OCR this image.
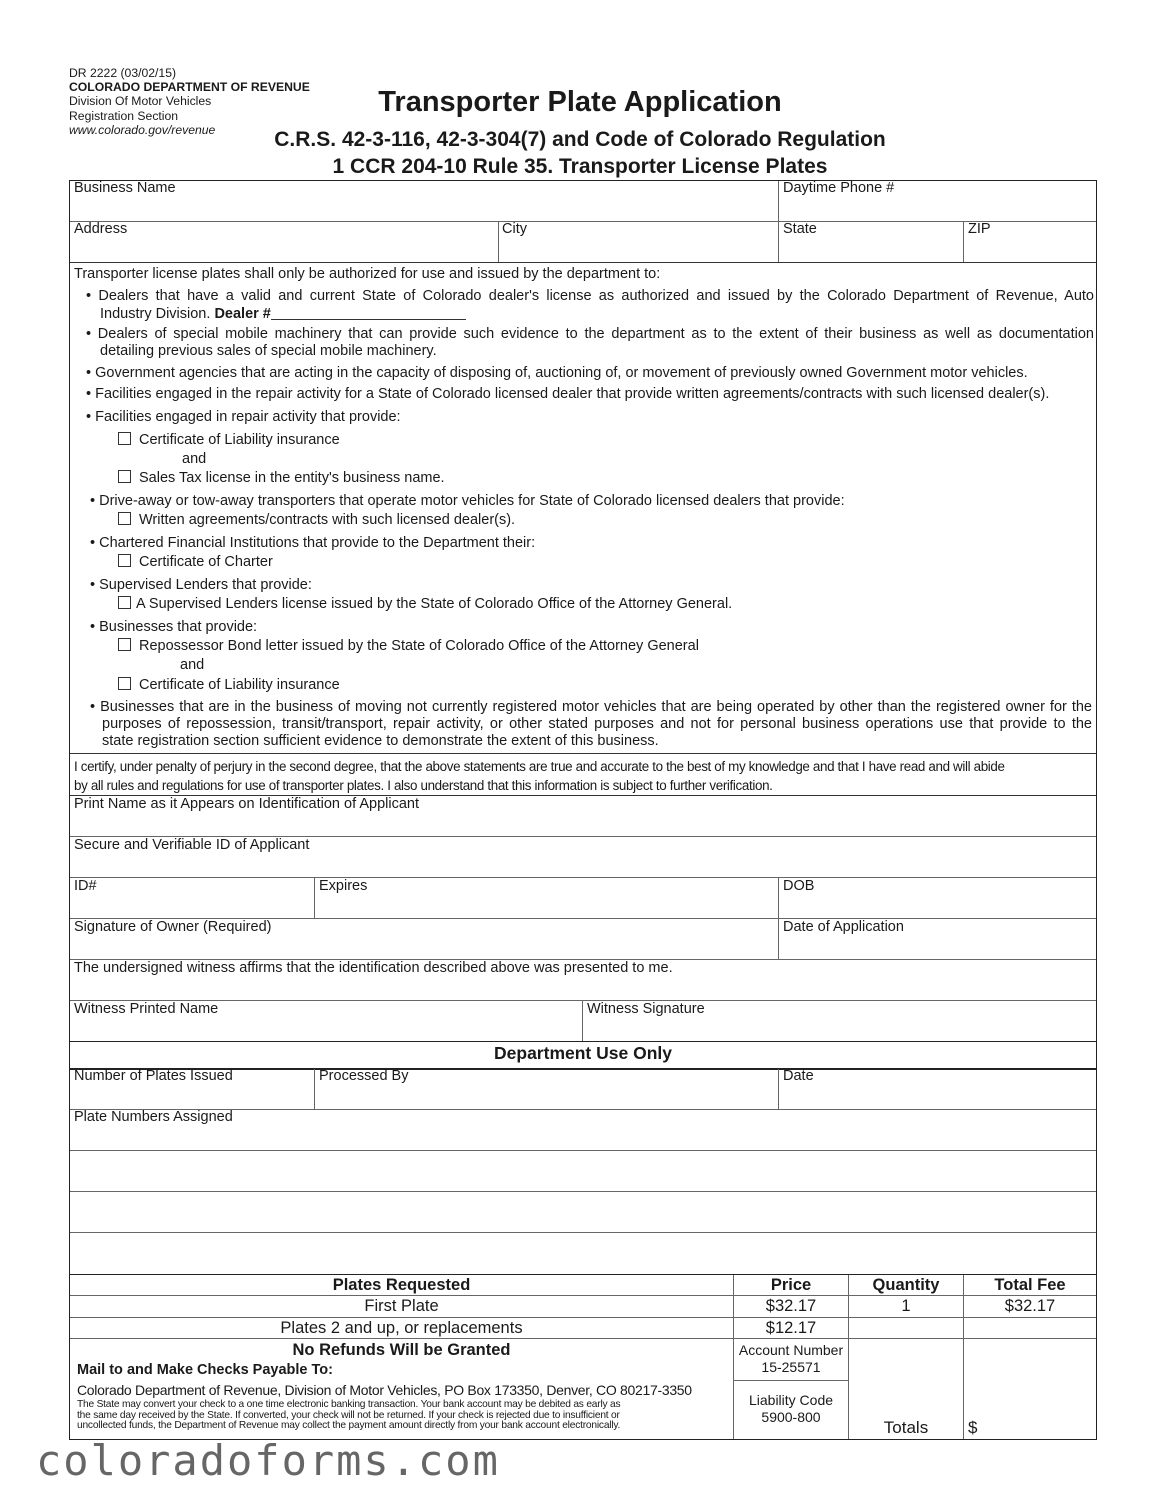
DR 2222 (03/02/15)
COLORADO DEPARTMENT OF REVENUE
Division Of Motor Vehicles
Registration Section
www.colorado.gov/revenue
Transporter Plate Application
C.R.S. 42-3-116, 42-3-304(7) and Code of Colorado Regulation
1 CCR 204-10 Rule 35. Transporter License Plates
Business Name	Daytime Phone #
Address	City	State	ZIP
Transporter license plates shall only be authorized for use and issued by the department to:
• Dealers that have a valid and current State of Colorado dealer's license as authorized and issued by the Colorado Department of Revenue, Auto
Industry Division. Dealer #
• Dealers of special mobile machinery that can provide such evidence to the department as to the extent of their business as well as documentation
detailing previous sales of special mobile machinery.
• Government agencies that are acting in the capacity of disposing of, auctioning of, or movement of previously owned Government motor vehicles.
• Facilities engaged in the repair activity for a State of Colorado licensed dealer that provide written agreements/contracts with such licensed dealer(s).
• Facilities engaged in repair activity that provide:
Certificate of Liability insurance
and
Sales Tax license in the entity's business name.
• Drive-away or tow-away transporters that operate motor vehicles for State of Colorado licensed dealers that provide:
Written agreements/contracts with such licensed dealer(s).
• Chartered Financial Institutions that provide to the Department their:
Certificate of Charter
• Supervised Lenders that provide:
A Supervised Lenders license issued by the State of Colorado Office of the Attorney General.
• Businesses that provide:
Repossessor Bond letter issued by the State of Colorado Office of the Attorney General
and
Certificate of Liability insurance
• Businesses that are in the business of moving not currently registered motor vehicles that are being operated by other than the registered owner for the
purposes of repossession, transit/transport, repair activity, or other stated purposes and not for personal business operations use that provide to the
state registration section sufficient evidence to demonstrate the extent of this business.
I certify, under penalty of perjury in the second degree, that the above statements are true and accurate to the best of my knowledge and that I have read and will abide
by all rules and regulations for use of transporter plates. I also understand that this information is subject to further verification.
Print Name as it Appears on Identification of Applicant
Secure and Verifiable ID of Applicant
ID#	Expires	DOB
Signature of Owner (Required)	Date of Application
The undersigned witness affirms that the identification described above was presented to me.
Witness Printed Name	Witness Signature
Department Use Only
Number of Plates Issued	Processed By	Date
Plate Numbers Assigned
Plates Requested	Price	Quantity	Total Fee
First Plate	$32.17	1	$32.17
Plates 2 and up, or replacements	$12.17
No Refunds Will be Granted
Mail to and Make Checks Payable To:
Colorado Department of Revenue, Division of Motor Vehicles, PO Box 173350, Denver, CO 80217-3350
The State may convert your check to a one time electronic banking transaction. Your bank account may be debited as early as
the same day received by the State. If converted, your check will not be returned. If your check is rejected due to insufficient or
uncollected funds, the Department of Revenue may collect the payment amount directly from your bank account electronically.
Account Number
15-25571
Liability Code
5900-800
Totals	$
coloradoforms.com
